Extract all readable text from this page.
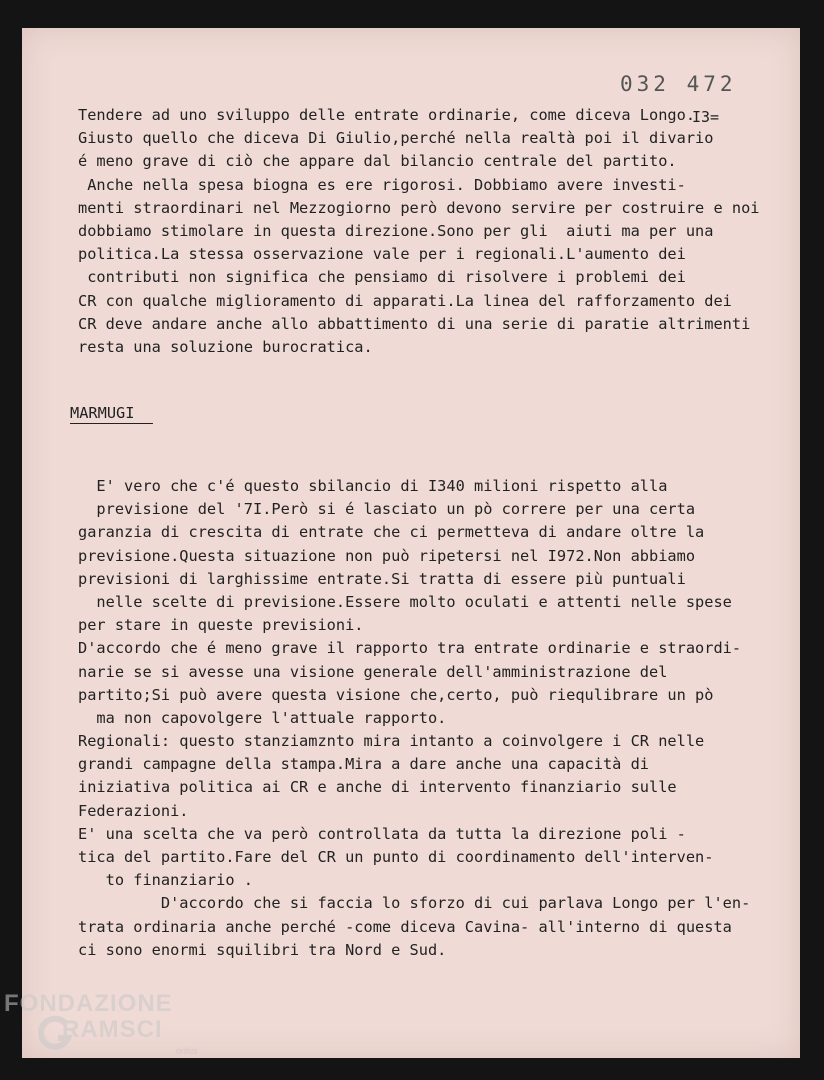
032 472
I3=
Tendere ad uno sviluppo delle entrate ordinarie, come diceva Longo.
Giusto quello che diceva Di Giulio,perché nella realtà poi il divario
é meno grave di ciò che appare dal bilancio centrale del partito.
Anche nella spesa biogna es ere rigorosi. Dobbiamo avere investi-
menti straordinari nel Mezzogiorno però devono servire per costruire e noi
dobbiamo stimolare in questa direzione.Sono per gli  aiuti ma per una
politica.La stessa osservazione vale per i regionali.L'aumento dei
contributi non significa che pensiamo di risolvere i problemi dei
CR con qualche miglioramento di apparati.La linea del rafforzamento dei
CR deve andare anche allo abbattimento di una serie di paratie altrimenti
resta una soluzione burocratica.
MARMUGI
E' vero che c'é questo sbilancio di I340 milioni rispetto alla
previsione del '7I.Però si é lasciato un pò correre per una certa
garanzia di crescita di entrate che ci permetteva di andare oltre la
previsione.Questa situazione non può ripetersi nel I972.Non abbiamo
previsioni di larghissime entrate.Si tratta di essere più puntuali
nelle scelte di previsione.Essere molto oculati e attenti nelle spese
per stare in queste previsioni.
D'accordo che é meno grave il rapporto tra entrate ordinarie e straordi-
narie se si avesse una visione generale dell'amministrazione del
partito;Si può avere questa visione che,certo, può riequlibrare un pò
ma non capovolgere l'attuale rapporto.
Regionali: questo stanziamznto mira intanto a coinvolgere i CR nelle
grandi campagne della stampa.Mira a dare anche una capacità di
iniziativa politica ai CR e anche di intervento finanziario sulle
Federazioni.
E' una scelta che va però controllata da tutta la direzione poli -
tica del partito.Fare del CR un punto di coordinamento dell'interven-
to finanziario .
D'accordo che si faccia lo sforzo di cui parlava Longo per l'en-
trata ordinaria anche perché -come diceva Cavina- all'interno di questa
ci sono enormi squilibri tra Nord e Sud.
FONDAZIONE
RAMSCI
onlus
